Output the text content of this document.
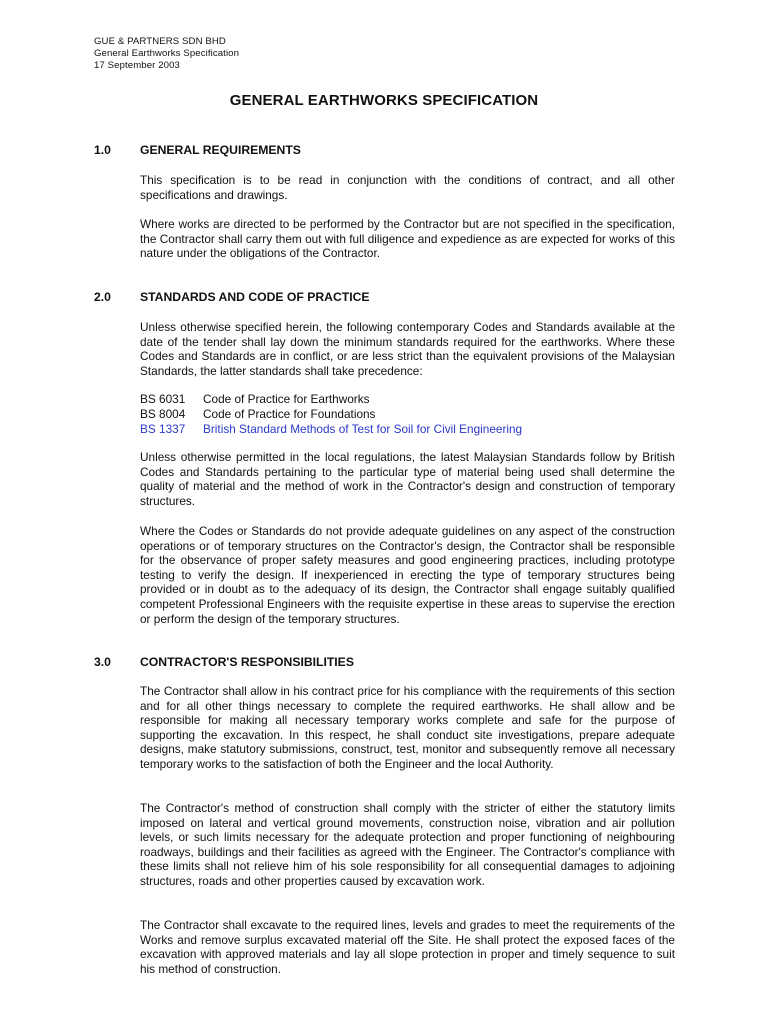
GUE & PARTNERS SDN BHD
General Earthworks Specification
17 September 2003
GENERAL EARTHWORKS SPECIFICATION
1.0 GENERAL REQUIREMENTS
This specification is to be read in conjunction with the conditions of contract, and all other specifications and drawings.
Where works are directed to be performed by the Contractor but are not specified in the specification, the Contractor shall carry them out with full diligence and expedience as are expected for works of this nature under the obligations of the Contractor.
2.0 STANDARDS AND CODE OF PRACTICE
Unless otherwise specified herein, the following contemporary Codes and Standards available at the date of the tender shall lay down the minimum standards required for the earthworks. Where these Codes and Standards are in conflict, or are less strict than the equivalent provisions of the Malaysian Standards, the latter standards shall take precedence:
BS 6031 Code of Practice for Earthworks
BS 8004 Code of Practice for Foundations
BS 1337 British Standard Methods of Test for Soil for Civil Engineering
Unless otherwise permitted in the local regulations, the latest Malaysian Standards follow by British Codes and Standards pertaining to the particular type of material being used shall determine the quality of material and the method of work in the Contractor's design and construction of temporary structures.
Where the Codes or Standards do not provide adequate guidelines on any aspect of the construction operations or of temporary structures on the Contractor's design, the Contractor shall be responsible for the observance of proper safety measures and good engineering practices, including prototype testing to verify the design. If inexperienced in erecting the type of temporary structures being provided or in doubt as to the adequacy of its design, the Contractor shall engage suitably qualified competent Professional Engineers with the requisite expertise in these areas to supervise the erection or perform the design of the temporary structures.
3.0 CONTRACTOR'S RESPONSIBILITIES
The Contractor shall allow in his contract price for his compliance with the requirements of this section and for all other things necessary to complete the required earthworks. He shall allow and be responsible for making all necessary temporary works complete and safe for the purpose of supporting the excavation. In this respect, he shall conduct site investigations, prepare adequate designs, make statutory submissions, construct, test, monitor and subsequently remove all necessary temporary works to the satisfaction of both the Engineer and the local Authority.
The Contractor's method of construction shall comply with the stricter of either the statutory limits imposed on lateral and vertical ground movements, construction noise, vibration and air pollution levels, or such limits necessary for the adequate protection and proper functioning of neighbouring roadways, buildings and their facilities as agreed with the Engineer. The Contractor's compliance with these limits shall not relieve him of his sole responsibility for all consequential damages to adjoining structures, roads and other properties caused by excavation work.
The Contractor shall excavate to the required lines, levels and grades to meet the requirements of the Works and remove surplus excavated material off the Site. He shall protect the exposed faces of the excavation with approved materials and lay all slope protection in proper and timely sequence to suit his method of construction.
